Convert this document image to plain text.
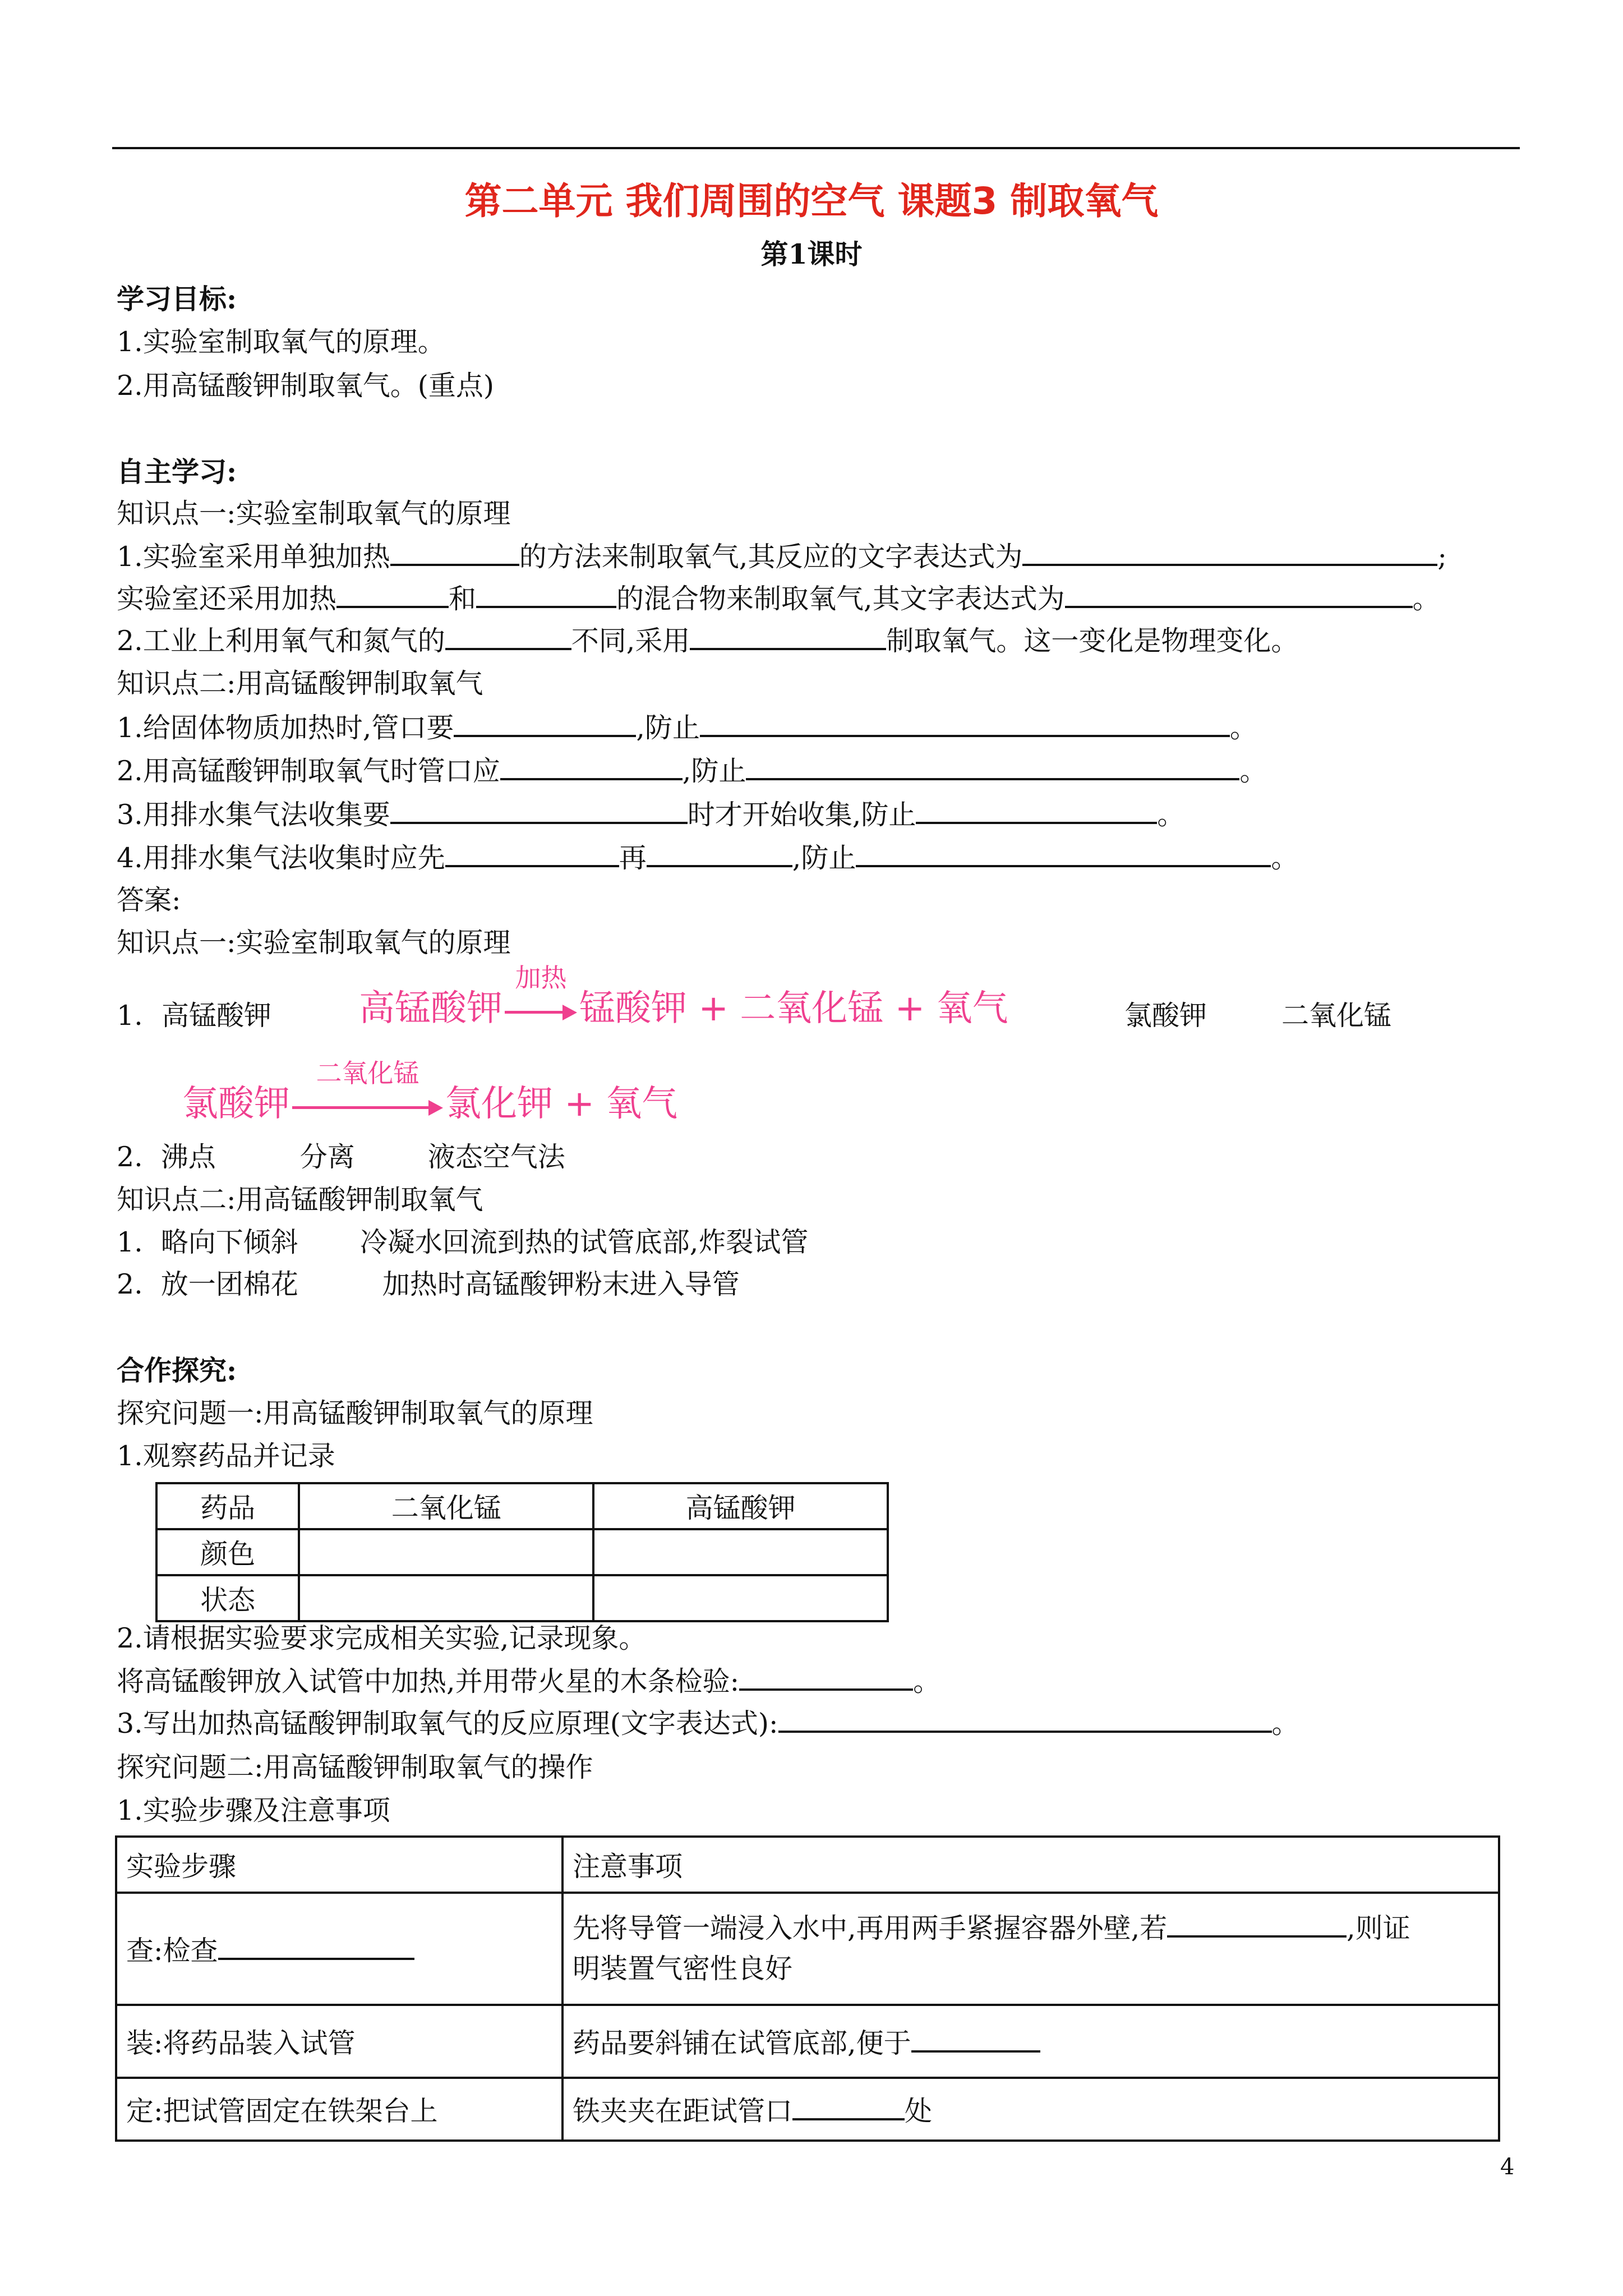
第二单元 我们周围的空气 课题3 制取氧气
第1课时
学习目标:
1.实验室制取氧气的原理。
2.用高锰酸钾制取氧气。(重点)
自主学习:
知识点一:实验室制取氧气的原理
1.实验室采用单独加热	的方法来制取氧气,其反应的文字表达式为	;
实验室还采用加热	和	的混合物来制取氧气,其文字表达式为	。
2.工业上利用氧气和氮气的	不同,采用	制取氧气。这一变化是物理变化。
知识点二:用高锰酸钾制取氧气
1.给固体物质加热时,管口要	,防止	。
2.用高锰酸钾制取氧气时管口应	,防止	。
3.用排水集气法收集要	时才开始收集,防止	。
4.用排水集气法收集时应先	再	,防止	。
答案:
知识点一:实验室制取氧气的原理
1. 高锰酸钾 高锰酸钾
加热
锰酸钾 + 二氧化锰 + 氧气	氯酸钾	二氧化锰
氯酸钾
二氧化锰
氯化钾 + 氧气
2. 沸点	分离	液态空气法
知识点二:用高锰酸钾制取氧气
1. 略向下倾斜 冷凝水回流到热的试管底部,炸裂试管
2. 放一团棉花	加热时高锰酸钾粉末进入导管
合作探究:
探究问题一:用高锰酸钾制取氧气的原理
1.观察药品并记录
药品	二氧化锰	高锰酸钾
颜色		
状态		
2.请根据实验要求完成相关实验,记录现象。
将高锰酸钾放入试管中加热,并用带火星的木条检验:	。
3.写出加热高锰酸钾制取氧气的反应原理(文字表达式):	。
探究问题二:用高锰酸钾制取氧气的操作
1.实验步骤及注意事项
实验步骤	注意事项
查:检查	先将导管一端浸入水中,再用两手紧握容器外壁,若 ,则证
明装置气密性良好
装:将药品装入试管	药品要斜铺在试管底部,便于
定:把试管固定在铁架台上	铁夹夹在距试管口 处
4
